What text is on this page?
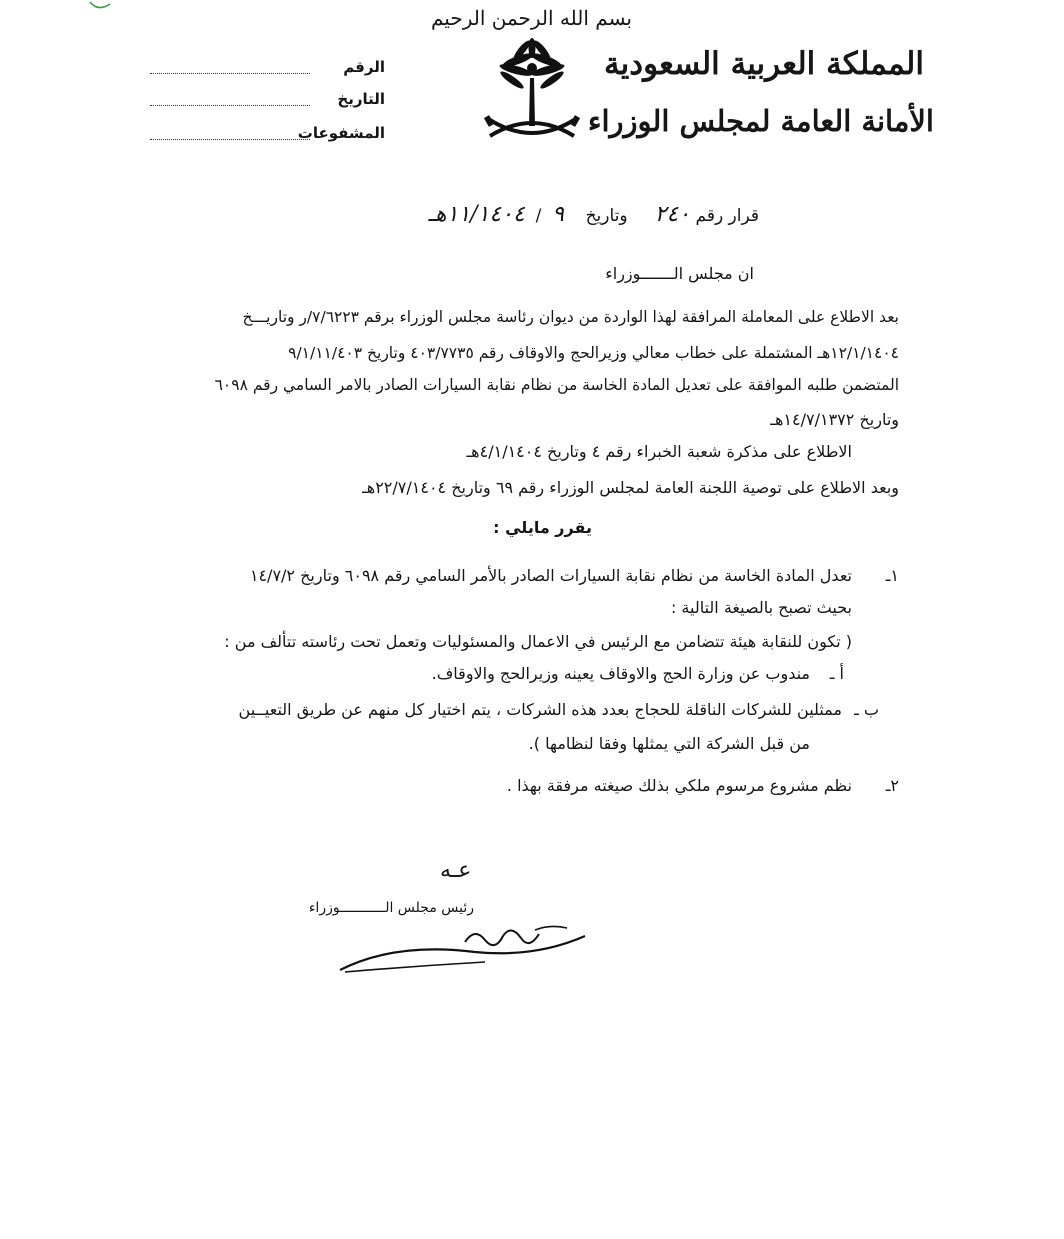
بسم الله الرحمن الرحيم
المملكة العربية السعودية
الأمانة العامة لمجلس الوزراء
الرقم
التاريخ
المشفوعات
قرار رقم ٢٤٠     وتاريخ    ٩  /  ١١/١٤٠٤هـ
ان مجلس الـــــــوزراء
بعد الاطلاع على المعاملة المرافقة لهذا الواردة من ديوان رئاسة مجلس الوزراء برقم ٧/٦٢٢٣/ر وتاريـــخ
١٢/١/١٤٠٤هـ المشتملة على خطاب معالي وزيرالحج والاوقاف رقم ٤٠٣/٧٧٣٥ وتاريخ ٩/١/١١/٤٠٣
المتضمن طلبه الموافقة على تعديل المادة الخاسة من نظام نقابة السيارات الصادر بالامر السامي رقم ٦٠٩٨
وتاريخ ١٤/٧/١٣٧٢هـ
الاطلاع على مذكرة شعبة الخبراء رقم ٤ وتاريخ ٤/١/١٤٠٤هـ
وبعد الاطلاع على توصية اللجنة العامة لمجلس الوزراء رقم ٦٩ وتاريخ ٢٢/٧/١٤٠٤هـ
يقرر مايلي :
١ـ
تعدل المادة الخاسة من نظام نقابة السيارات الصادر بالأمر السامي رقم ٦٠٩٨ وتاريخ ١٤/٧/٢
بحيث تصبح بالصيغة التالية :
( تكون للنقابة هيئة تتضامن مع الرئيس في الاعمال والمسئوليات وتعمل تحت رئاسته تتألف من :
أ ـ
مندوب عن وزارة الحج والاوقاف يعينه وزيرالحج والاوقاف.
ب ـ
ممثلين للشركات الناقلة للحجاج بعدد هذه الشركات ، يتم اختيار كل منهم عن طريق التعيــين
من قبل الشركة التي يمثلها وفقا لنظامها ).
٢ـ
نظم مشروع مرسوم ملكي بذلك صيغته مرفقة بهذا .
عـه
رئيس مجلس الـــــــــــوزراء
